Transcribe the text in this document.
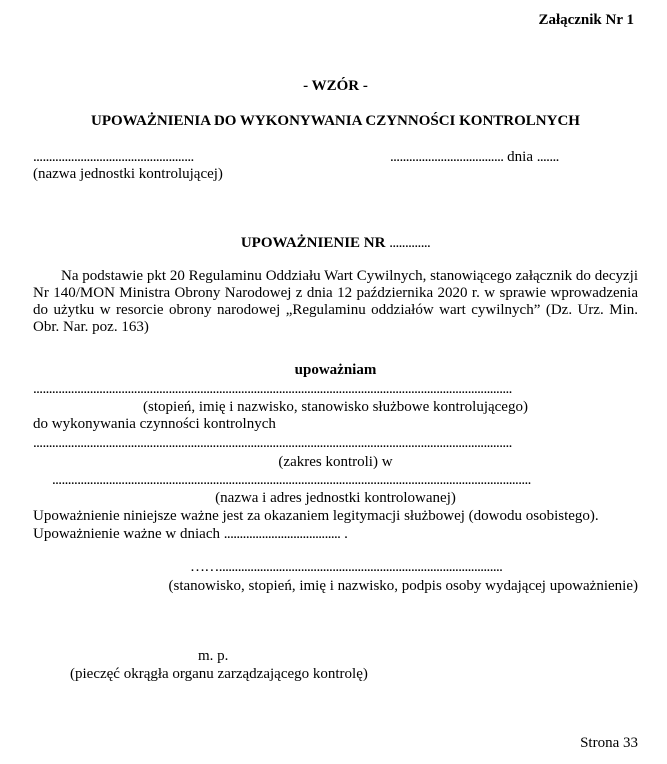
Załącznik Nr 1
- WZÓR -
UPOWAŻNIENIA DO WYKONYWANIA CZYNNOŚCI KONTROLNYCH
...................................................	.................................... dnia .......
(nazwa jednostki kontrolującej)
UPOWAŻNIENIE NR .............
Na podstawie pkt 20 Regulaminu Oddziału Wart Cywilnych, stanowiącego załącznik do decyzji Nr 140/MON Ministra Obrony Narodowej z dnia 12 października 2020 r. w sprawie wprowadzenia do użytku w resorcie obrony narodowej „Regulaminu oddziałów wart cywilnych” (Dz. Urz. Min. Obr. Nar. poz. 163)
upoważniam
........................................................................................................................................................
(stopień, imię i nazwisko, stanowisko służbowe kontrolującego)
do wykonywania czynności kontrolnych
........................................................................................................................................................
(zakres kontroli) w
........................................................................................................................................................
(nazwa i adres jednostki kontrolowanej)
Upoważnienie niniejsze ważne jest za okazaniem legitymacji służbowej (dowodu osobistego).
Upoważnienie ważne w dniach ..................................... .
……..........................................................................................
(stanowisko, stopień, imię i nazwisko, podpis osoby wydającej upoważnienie)
m. p.
(pieczęć okrągła organu zarządzającego kontrolę)
Strona 33
